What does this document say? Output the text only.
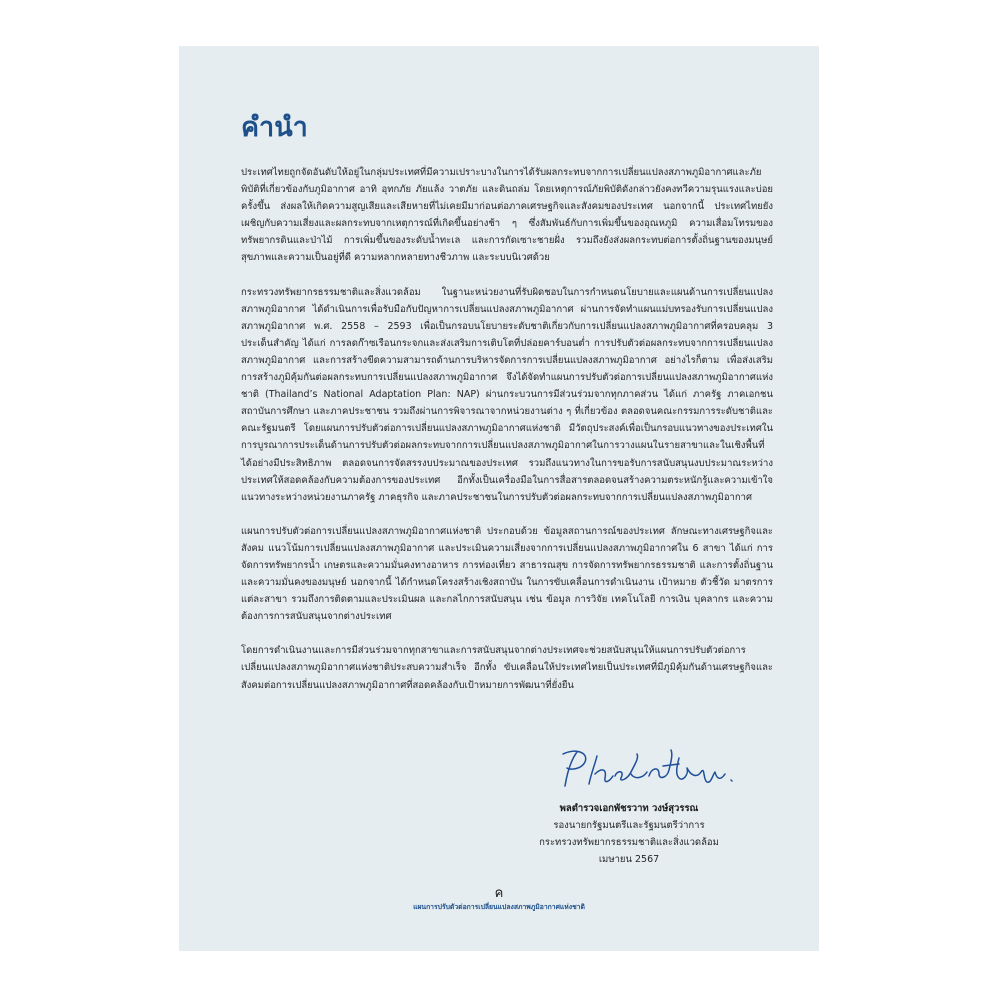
คำนำ

ประเทศไทยถูกจัดอันดับให้อยู่ในกลุ่มประเทศที่มีความเปราะบางในการได้รับผลกระทบจากการเปลี่ยนแปลงสภาพภูมิอากาศและภัยพิบัติที่เกี่ยวข้องกับภูมิอากาศ อาทิ อุทกภัย ภัยแล้ง วาตภัย และดินถล่ม โดยเหตุการณ์ภัยพิบัติดังกล่าวยังคงทวีความรุนแรงและบ่อยครั้งขึ้น ส่งผลให้เกิดความสูญเสียและเสียหายที่ไม่เคยมีมาก่อนต่อภาคเศรษฐกิจและสังคมของประเทศ นอกจากนี้ ประเทศไทยยังเผชิญกับความเสี่ยงและผลกระทบจากเหตุการณ์ที่เกิดขึ้นอย่างช้า ๆ ซึ่งสัมพันธ์กับการเพิ่มขึ้นของอุณหภูมิ ความเสื่อมโทรมของทรัพยากรดินและป่าไม้ การเพิ่มขึ้นของระดับน้ำทะเล และการกัดเซาะชายฝั่ง รวมถึงยังส่งผลกระทบต่อการตั้งถิ่นฐานของมนุษย์ สุขภาพและความเป็นอยู่ที่ดี ความหลากหลายทางชีวภาพ และระบบนิเวศด้วย

กระทรวงทรัพยากรธรรมชาติและสิ่งแวดล้อม ในฐานะหน่วยงานที่รับผิดชอบในการกำหนดนโยบายและแผนด้านการเปลี่ยนแปลงสภาพภูมิอากาศ ได้ดำเนินการเพื่อรับมือกับปัญหาการเปลี่ยนแปลงสภาพภูมิอากาศ ผ่านการจัดทำแผนแม่บทรองรับการเปลี่ยนแปลงสภาพภูมิอากาศ พ.ศ. 2558 – 2593 เพื่อเป็นกรอบนโยบายระดับชาติเกี่ยวกับการเปลี่ยนแปลงสภาพภูมิอากาศที่ครอบคลุม 3 ประเด็นสำคัญ ได้แก่ การลดก๊าซเรือนกระจกและส่งเสริมการเติบโตที่ปล่อยคาร์บอนต่ำ การปรับตัวต่อผลกระทบจากการเปลี่ยนแปลงสภาพภูมิอากาศ และการสร้างขีดความสามารถด้านการบริหารจัดการการเปลี่ยนแปลงสภาพภูมิอากาศ อย่างไรก็ตาม เพื่อส่งเสริมการสร้างภูมิคุ้มกันต่อผลกระทบการเปลี่ยนแปลงสภาพภูมิอากาศ จึงได้จัดทำแผนการปรับตัวต่อการเปลี่ยนแปลงสภาพภูมิอากาศแห่งชาติ (Thailand’s National Adaptation Plan: NAP) ผ่านกระบวนการมีส่วนร่วมจากทุกภาคส่วน ได้แก่ ภาครัฐ ภาคเอกชน สถาบันการศึกษา และภาคประชาชน รวมถึงผ่านการพิจารณาจากหน่วยงานต่าง ๆ ที่เกี่ยวข้อง ตลอดจนคณะกรรมการระดับชาติและคณะรัฐมนตรี โดยแผนการปรับตัวต่อการเปลี่ยนแปลงสภาพภูมิอากาศแห่งชาติ มีวัตถุประสงค์เพื่อเป็นกรอบแนวทางของประเทศในการบูรณาการประเด็นด้านการปรับตัวต่อผลกระทบจากการเปลี่ยนแปลงสภาพภูมิอากาศในการวางแผนในรายสาขาและในเชิงพื้นที่ได้อย่างมีประสิทธิภาพ ตลอดจนการจัดสรรงบประมาณของประเทศ รวมถึงแนวทางในการขอรับการสนับสนุนงบประมาณระหว่างประเทศให้สอดคล้องกับความต้องการของประเทศ อีกทั้งเป็นเครื่องมือในการสื่อสารตลอดจนสร้างความตระหนักรู้และความเข้าใจแนวทางระหว่างหน่วยงานภาครัฐ ภาคธุรกิจ และภาคประชาชนในการปรับตัวต่อผลกระทบจากการเปลี่ยนแปลงสภาพภูมิอากาศ

แผนการปรับตัวต่อการเปลี่ยนแปลงสภาพภูมิอากาศแห่งชาติ ประกอบด้วย ข้อมูลสถานการณ์ของประเทศ ลักษณะทางเศรษฐกิจและสังคม แนวโน้มการเปลี่ยนแปลงสภาพภูมิอากาศ และประเมินความเสี่ยงจากการเปลี่ยนแปลงสภาพภูมิอากาศใน 6 สาขา ได้แก่ การจัดการทรัพยากรน้ำ เกษตรและความมั่นคงทางอาหาร การท่องเที่ยว สาธารณสุข การจัดการทรัพยากรธรรมชาติ และการตั้งถิ่นฐานและความมั่นคงของมนุษย์ นอกจากนี้ ได้กำหนดโครงสร้างเชิงสถาบัน ในการขับเคลื่อนการดำเนินงาน เป้าหมาย ตัวชี้วัด มาตรการแต่ละสาขา รวมถึงการติดตามและประเมินผล และกลไกการสนับสนุน เช่น ข้อมูล การวิจัย เทคโนโลยี การเงิน บุคลากร และความต้องการการสนับสนุนจากต่างประเทศ

โดยการดำเนินงานและการมีส่วนร่วมจากทุกสาขาและการสนับสนุนจากต่างประเทศจะช่วยสนับสนุนให้แผนการปรับตัวต่อการเปลี่ยนแปลงสภาพภูมิอากาศแห่งชาติประสบความสำเร็จ อีกทั้ง ขับเคลื่อนให้ประเทศไทยเป็นประเทศที่มีภูมิคุ้มกันด้านเศรษฐกิจและสังคมต่อการเปลี่ยนแปลงสภาพภูมิอากาศที่สอดคล้องกับเป้าหมายการพัฒนาที่ยั่งยืน

พลตำรวจเอกพัชรวาท วงษ์สุวรรณ
รองนายกรัฐมนตรีและรัฐมนตรีว่าการ
กระทรวงทรัพยากรธรรมชาติและสิ่งแวดล้อม
เมษายน 2567
ค
แผนการปรับตัวต่อการเปลี่ยนแปลงสภาพภูมิอากาศแห่งชาติ
